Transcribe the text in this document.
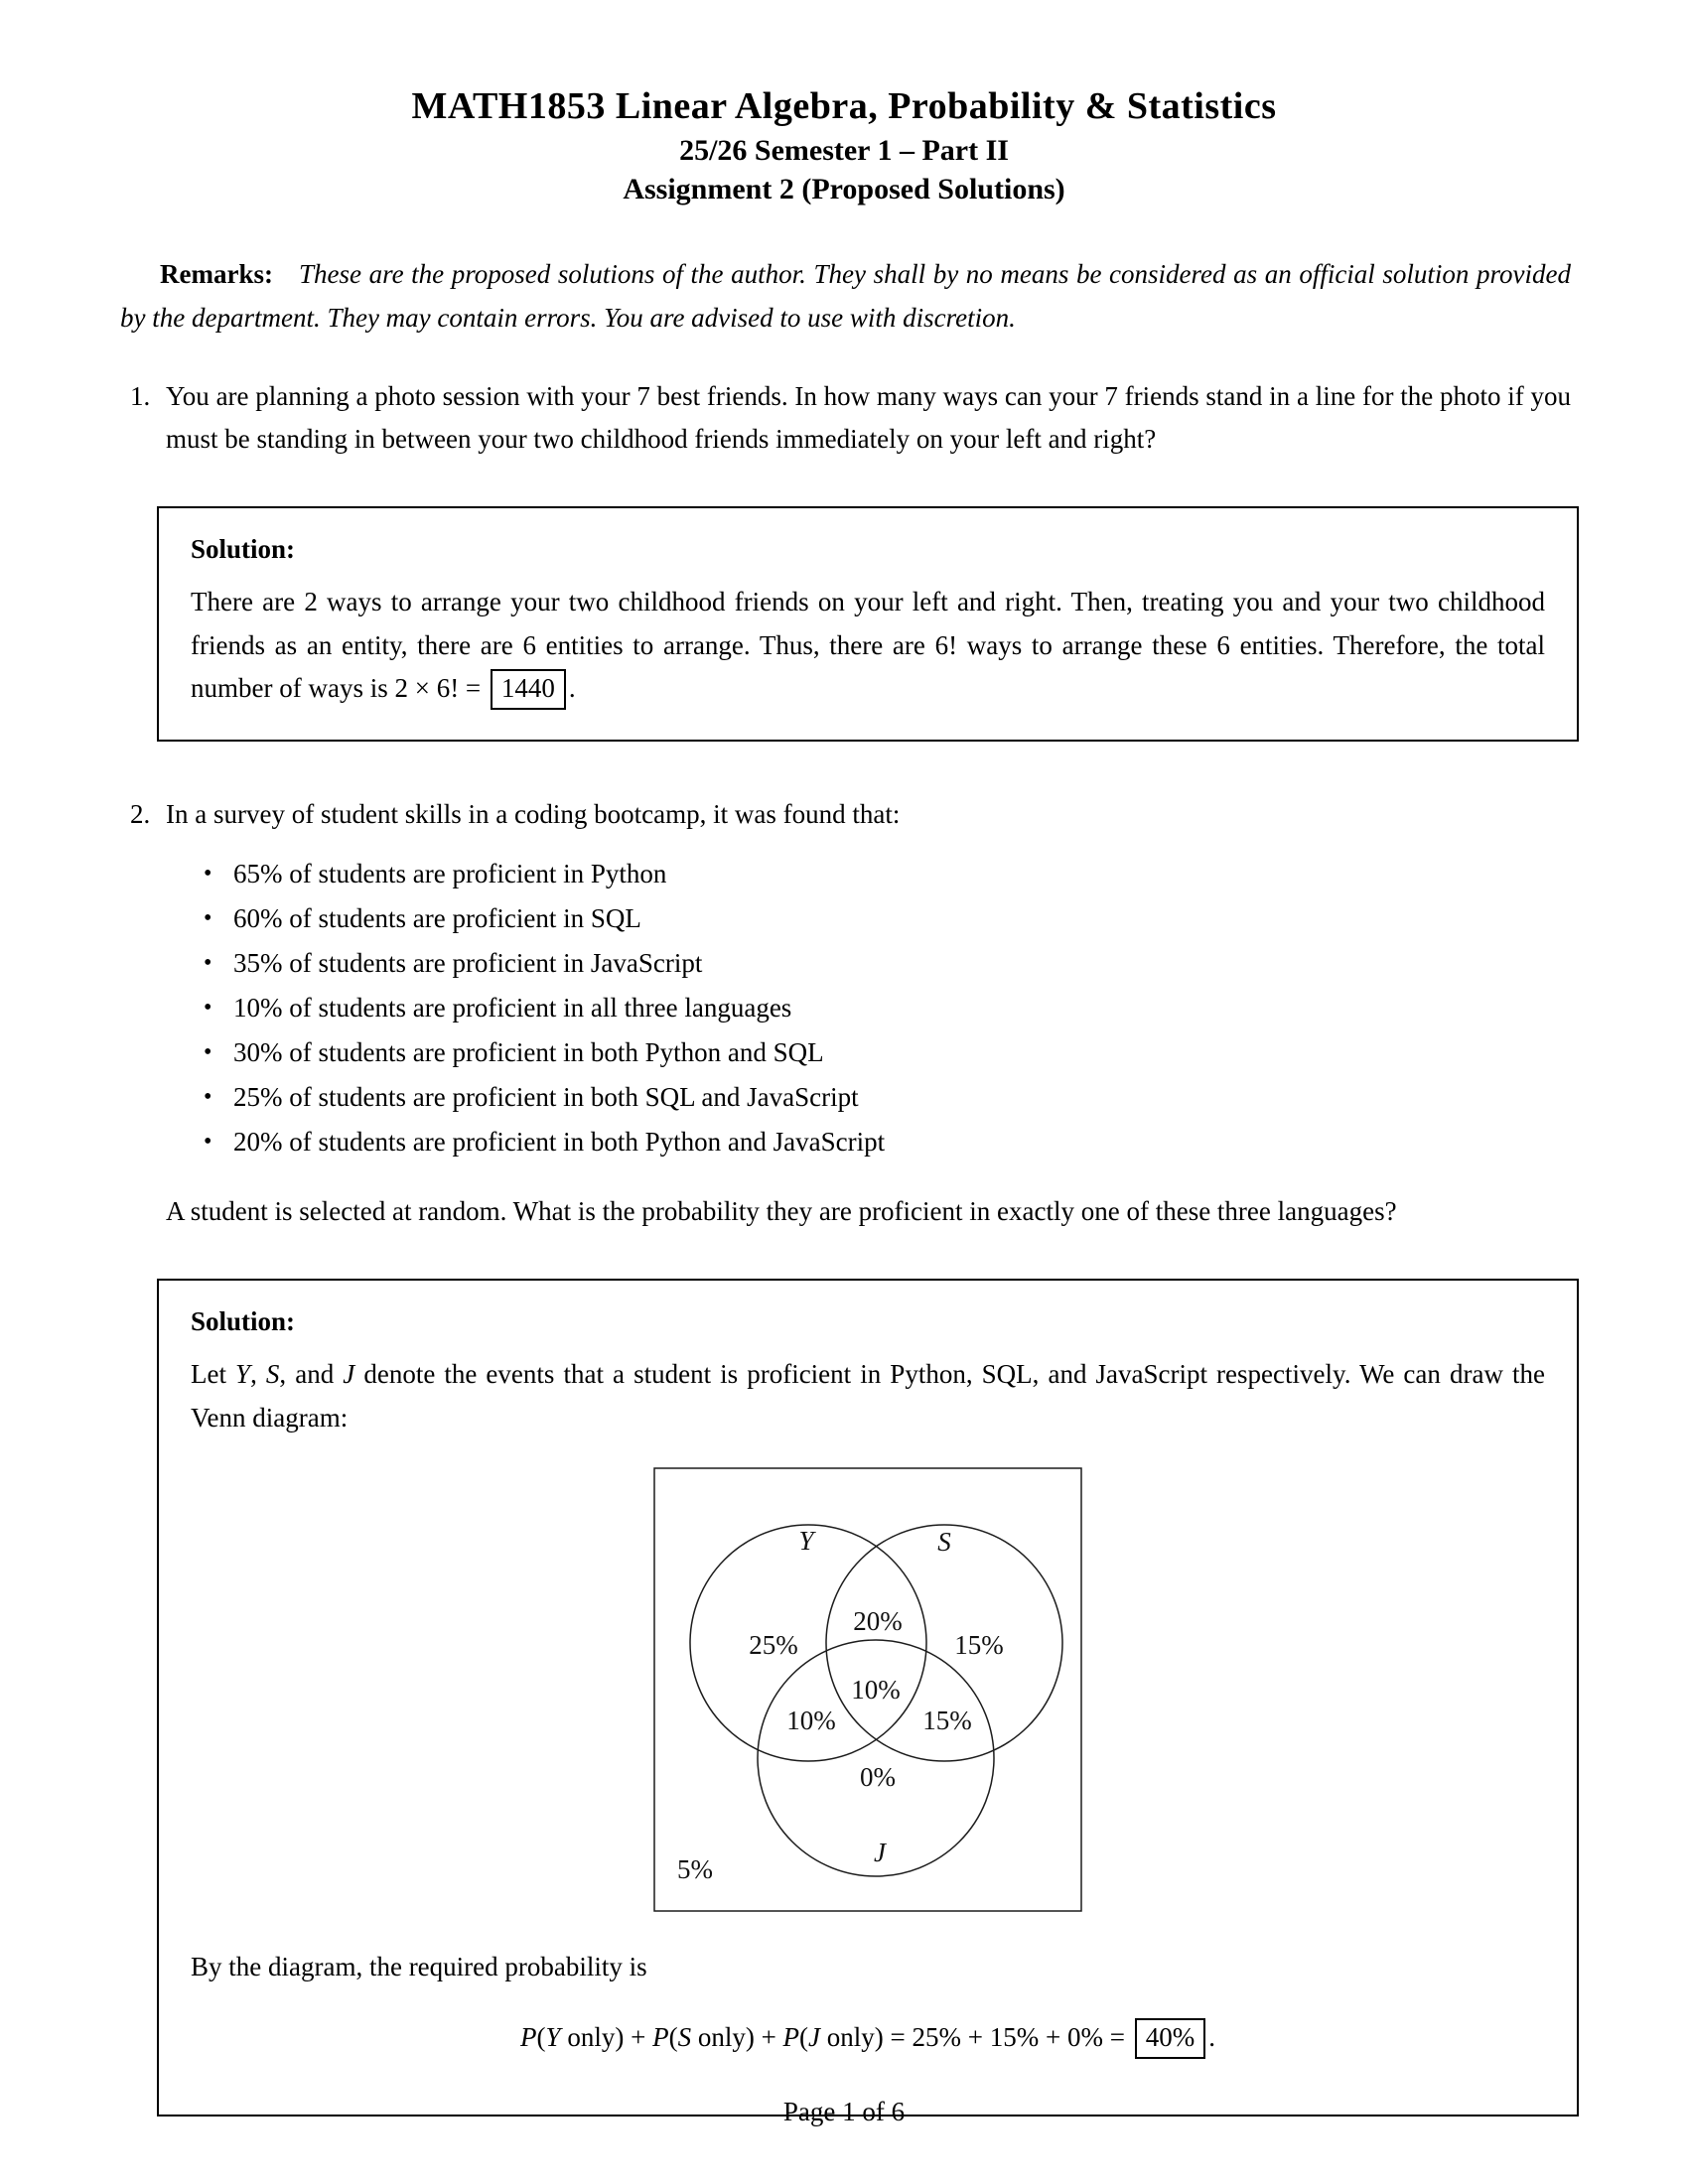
MATH1853 Linear Algebra, Probability & Statistics
25/26 Semester 1 – Part II
Assignment 2 (Proposed Solutions)

Remarks: These are the proposed solutions of the author. They shall by no means be considered as an official solution provided by the department. They may contain errors. You are advised to use with discretion.

1. You are planning a photo session with your 7 best friends. In how many ways can your 7 friends stand in a line for the photo if you must be standing in between your two childhood friends immediately on your left and right?
Solution:

There are 2 ways to arrange your two childhood friends on your left and right. Then, treating you and your two childhood friends as an entity, there are 6 entities to arrange. Thus, there are 6! ways to arrange these 6 entities. Therefore, the total number of ways is 2 × 6! = 1440 .

2. In a survey of student skills in a coding bootcamp, it was found that:
• 65% of students are proficient in Python
• 60% of students are proficient in SQL
• 35% of students are proficient in JavaScript
• 10% of students are proficient in all three languages
• 30% of students are proficient in both Python and SQL
• 25% of students are proficient in both SQL and JavaScript
• 20% of students are proficient in both Python and JavaScript
A student is selected at random. What is the probability they are proficient in exactly one of these three languages?
Solution:

Let Y, S, and J denote the events that a student is proficient in Python, SQL, and JavaScript respectively. We can draw the Venn diagram:

Y	S
J
25%
20%
15%
10%
10%	15%
0%
5%
By the diagram, the required probability is
P(Y only) + P(S only) + P(J only) = 25% + 15% + 0% = 40% .
Page 1 of 6
